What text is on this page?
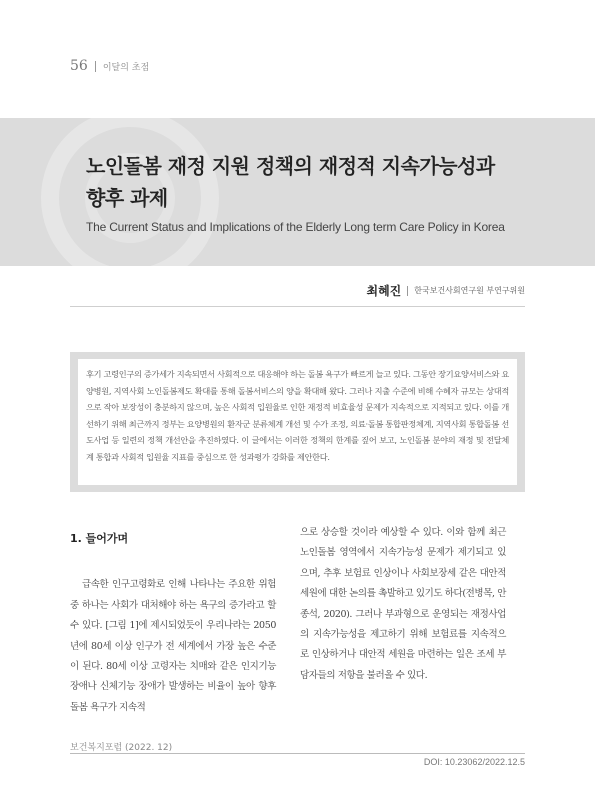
56 이달의 초점
노인돌봄 재정 지원 정책의 재정적 지속가능성과
향후 과제
The Current Status and Implications of the Elderly Long term Care Policy in Korea
최혜진 한국보건사회연구원 부연구위원
후기 고령인구의 증가세가 지속되면서 사회적으로 대응해야 하는 돌봄 욕구가 빠르게 늘고 있다. 그동안 장기요양서비스와 요양병원, 지역사회 노인돌봄제도 확대를 통해 돌봄서비스의 양을 확대해 왔다. 그러나 지출 수준에 비해 수혜자 규모는 상대적으로 작아 보장성이 충분하지 않으며, 높은 사회적 입원율로 인한 재정적 비효율성 문제가 지속적으로 지적되고 있다. 이를 개선하기 위해 최근까지 정부는 요양병원의 환자군 분류체계 개선 및 수가 조정, 의료·돌봄 통합판정체계, 지역사회 통합돌봄 선도사업 등 일련의 정책 개선안을 추진하였다. 이 글에서는 이러한 정책의 한계를 짚어 보고, 노인돌봄 분야의 재정 및 전달체계 통합과 사회적 입원율 지표를 중심으로 한 성과평가 강화를 제안한다.
1. 들어가며

급속한 인구고령화로 인해 나타나는 주요한 위험 중 하나는 사회가 대처해야 하는 욕구의 증가라고 할 수 있다. [그림 1]에 제시되었듯이 우리나라는 2050년에 80세 이상 인구가 전 세계에서 가장 높은 수준이 된다. 80세 이상 고령자는 치매와 같은 인지기능 장애나 신체기능 장애가 발생하는 비율이 높아 향후 돌봄 욕구가 지속적

으로 상승할 것이라 예상할 수 있다. 이와 함께 최근 노인돌봄 영역에서 지속가능성 문제가 제기되고 있으며, 추후 보험료 인상이나 사회보장세 같은 대안적 세원에 대한 논의를 촉발하고 있기도 하다(전병목, 안종석, 2020). 그러나 부과형으로 운영되는 재정사업의 지속가능성을 제고하기 위해 보험료를 지속적으로 인상하거나 대안적 세원을 마련하는 일은 조세 부담자들의 저항을 불러올 수 있다.

보건복지포럼 (2022. 12)
DOI: 10.23062/2022.12.5
